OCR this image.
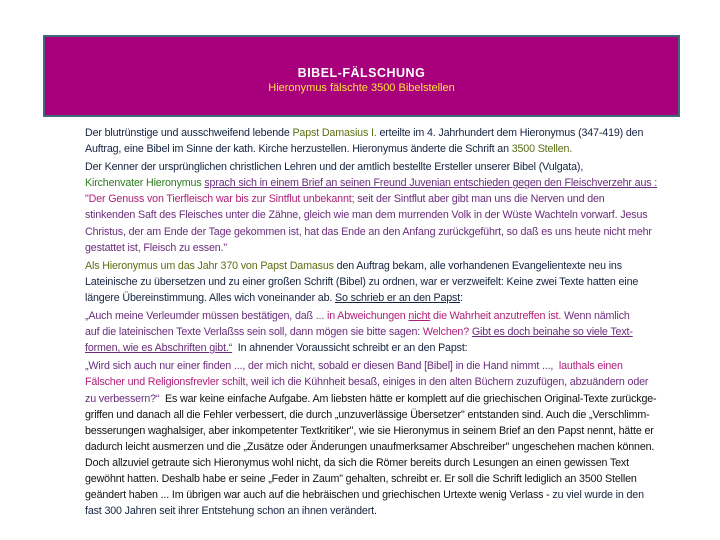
BIBEL-FÄLSCHUNG
Hieronymus fälschte 3500 Bibelstellen
Der blutrünstige und ausschweifend lebende Papst Damasius I. erteilte im 4. Jahrhundert dem Hieronymus (347-419) den
Auftrag, eine Bibel im Sinne der kath. Kirche herzustellen. Hieronymus änderte die Schrift an 3500 Stellen.
Der Kenner der ursprünglichen christlichen Lehren und der amtlich bestellte Ersteller unserer Bibel (Vulgata),
Kirchenvater Hieronymus sprach sich in einem Brief an seinen Freund Juvenian entschieden gegen den Fleischverzehr aus :
"Der Genuss von Tierfleisch war bis zur Sintflut unbekannt; seit der Sintflut aber gibt man uns die Nerven und den
stinkenden Saft des Fleisches unter die Zähne, gleich wie man dem murrenden Volk in der Wüste Wachteln vorwarf. Jesus
Christus, der am Ende der Tage gekommen ist, hat das Ende an den Anfang zurückgeführt, so daß es uns heute nicht mehr
gestattet ist, Fleisch zu essen."
Als Hieronymus um das Jahr 370 von Papst Damasus den Auftrag bekam, alle vorhandenen Evangelientexte neu ins
Lateinische zu übersetzen und zu einer großen Schrift (Bibel) zu ordnen, war er verzweifelt: Keine zwei Texte hatten eine
längere Übereinstimmung. Alles wich voneinander ab. So schrieb er an den Papst:
„Auch meine Verleumder müssen bestätigen, daß ... in Abweichungen nicht die Wahrheit anzutreffen ist. Wenn nämlich
auf die lateinischen Texte Verlaßss sein soll, dann mögen sie bitte sagen: Welchen? Gibt es doch beinahe so viele Text-
formen, wie es Abschriften gibt.“  In ahnender Voraussicht schreibt er an den Papst:
„Wird sich auch nur einer finden ..., der mich nicht, sobald er diesen Band [Bibel] in die Hand nimmt ...,  lauthals einen
Fälscher und Religionsfrevler schilt, weil ich die Kühnheit besaß, einiges in den alten Büchern zuzufügen, abzuändern oder
zu verbessern?“  Es war keine einfache Aufgabe. Am liebsten hätte er komplett auf die griechischen Original-Texte zurückge-
griffen und danach all die Fehler verbessert, die durch „unzuverlässige Übersetzer" entstanden sind. Auch die „Verschlimm-
besserungen waghalsiger, aber inkompetenter Textkritiker", wie sie Hieronymus in seinem Brief an den Papst nennt, hätte er
dadurch leicht ausmerzen und die „Zusätze oder Änderungen unaufmerksamer Abschreiber" ungeschehen machen können.
Doch allzuviel getraute sich Hieronymus wohl nicht, da sich die Römer bereits durch Lesungen an einen gewissen Text
gewöhnt hatten. Deshalb habe er seine „Feder in Zaum" gehalten, schreibt er. Er soll die Schrift lediglich an 3500 Stellen
geändert haben ... Im übrigen war auch auf die hebräischen und griechischen Urtexte wenig Verlass - zu viel wurde in den
fast 300 Jahren seit ihrer Entstehung schon an ihnen verändert.
